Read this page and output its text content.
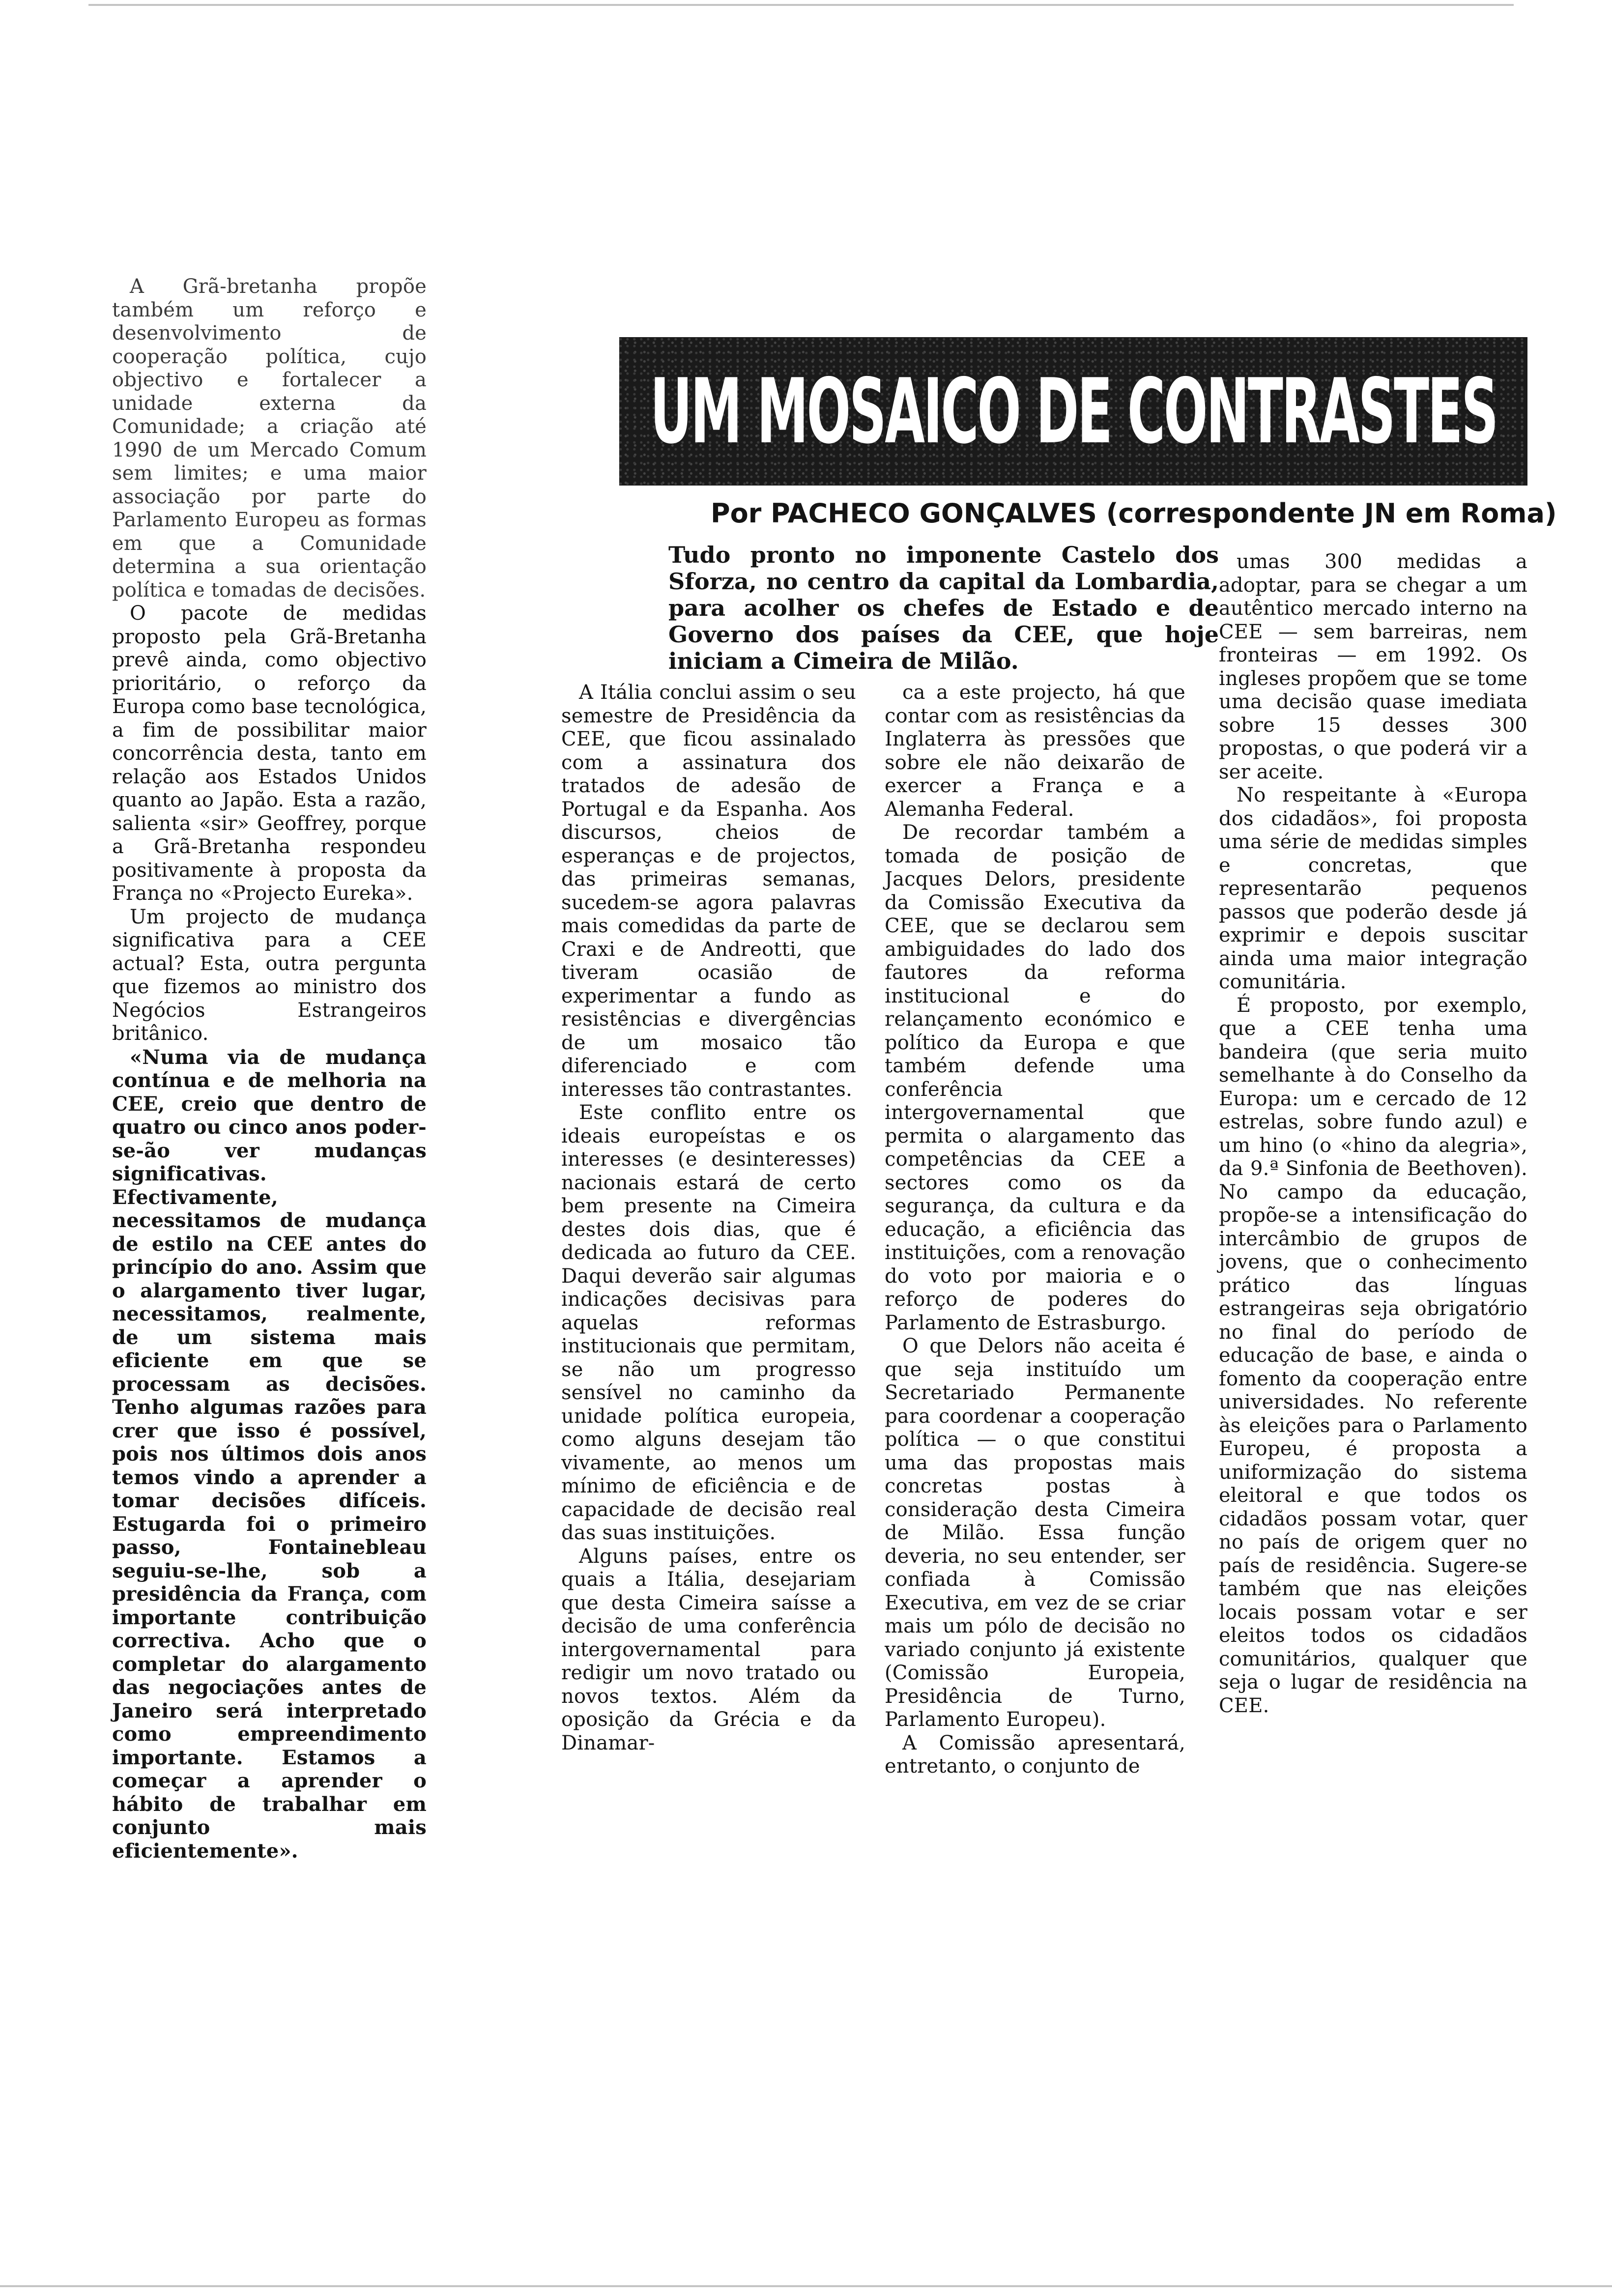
A Grã-bretanha propõe também um reforço e desenvolvimento de cooperação política, cujo objectivo e fortalecer a unidade externa da Comunidade; a criação até 1990 de um Mercado Comum sem limites; e uma maior associação por parte do Parlamento Europeu as formas em que a Comunidade determina a sua orientação política e tomadas de decisões.

O pacote de medidas proposto pela Grã-Bretanha prevê ainda, como objectivo prioritário, o reforço da Europa como base tecnológica, a fim de possibilitar maior concorrência desta, tanto em relação aos Estados Unidos quanto ao Japão. Esta a razão, salienta «sir» Geoffrey, porque a Grã-Bretanha respondeu positivamente à proposta da França no «Projecto Eureka».

Um projecto de mudança significativa para a CEE actual? Esta, outra pergunta que fizemos ao ministro dos Negócios Estrangeiros britânico.

«Numa via de mudança contínua e de melhoria na CEE, creio que dentro de quatro ou cinco anos poder-se-ão ver mudanças significativas. Efectivamente, necessitamos de mudança de estilo na CEE antes do princípio do ano. Assim que o alargamento tiver lugar, necessitamos, realmente, de um sistema mais eficiente em que se processam as decisões. Tenho algumas razões para crer que isso é possível, pois nos últimos dois anos temos vindo a aprender a tomar decisões difíceis. Estugarda foi o primeiro passo, Fontainebleau seguiu-se-lhe, sob a presidência da França, com importante contribuição correctiva. Acho que o completar do alargamento das negociações antes de Janeiro será interpretado como empreendimento importante. Estamos a começar a aprender o hábito de trabalhar em conjunto mais eficientemente».

UM MOSAICO DE CONTRASTES
Por PACHECO GONÇALVES (correspondente JN em Roma)
Tudo pronto no imponente Castelo dos Sforza, no centro da capital da Lombardia, para acolher os chefes de Estado e de Governo dos países da CEE, que hoje iniciam a Cimeira de Milão.

A Itália conclui assim o seu semestre de Presidência da CEE, que ficou assinalado com a assinatura dos tratados de adesão de Portugal e da Espanha. Aos discursos, cheios de esperanças e de projectos, das primeiras semanas, sucedem-se agora palavras mais comedidas da parte de Craxi e de Andreotti, que tiveram ocasião de experimentar a fundo as resistências e divergências de um mosaico tão diferenciado e com interesses tão contrastantes.

Este conflito entre os ideais europeístas e os interesses (e desinteresses) nacionais estará de certo bem presente na Cimeira destes dois dias, que é dedicada ao futuro da CEE. Daqui deverão sair algumas indicações decisivas para aquelas reformas institucionais que permitam, se não um progresso sensível no caminho da unidade política europeia, como alguns desejam tão vivamente, ao menos um mínimo de eficiência e de capacidade de decisão real das suas instituições.

Alguns países, entre os quais a Itália, desejariam que desta Cimeira saísse a decisão de uma conferência intergovernamental para redigir um novo tratado ou novos textos. Além da oposição da Grécia e da Dinamar-

ca a este projecto, há que contar com as resistências da Inglaterra às pressões que sobre ele não deixarão de exercer a França e a Alemanha Federal.

De recordar também a tomada de posição de Jacques Delors, presidente da Comissão Executiva da CEE, que se declarou sem ambiguidades do lado dos fautores da reforma institucional e do relançamento económico e político da Europa e que também defende uma conferência intergovernamental que permita o alargamento das competências da CEE a sectores como os da segurança, da cultura e da educação, a eficiência das instituições, com a renovação do voto por maioria e o reforço de poderes do Parlamento de Estrasburgo.

O que Delors não aceita é que seja instituído um Secretariado Permanente para coordenar a cooperação política — o que constitui uma das propostas mais concretas postas à consideração desta Cimeira de Milão. Essa função deveria, no seu entender, ser confiada à Comissão Executiva, em vez de se criar mais um pólo de decisão no variado conjunto já existente (Comissão Europeia, Presidência de Turno, Parlamento Europeu).

A Comissão apresentará, entretanto, o conjunto de

umas 300 medidas a adoptar, para se chegar a um autêntico mercado interno na CEE — sem barreiras, nem fronteiras — em 1992. Os ingleses propõem que se tome uma decisão quase imediata sobre 15 desses 300 propostas, o que poderá vir a ser aceite.

No respeitante à «Europa dos cidadãos», foi proposta uma série de medidas simples e concretas, que representarão pequenos passos que poderão desde já exprimir e depois suscitar ainda uma maior integração comunitária.

É proposto, por exemplo, que a CEE tenha uma bandeira (que seria muito semelhante à do Conselho da Europa: um e cercado de 12 estrelas, sobre fundo azul) e um hino (o «hino da alegria», da 9.ª Sinfonia de Beethoven). No campo da educação, propõe-se a intensificação do intercâmbio de grupos de jovens, que o conhecimento prático das línguas estrangeiras seja obrigatório no final do período de educação de base, e ainda o fomento da cooperação entre universidades. No referente às eleições para o Parlamento Europeu, é proposta a uniformização do sistema eleitoral e que todos os cidadãos possam votar, quer no país de origem quer no país de residência. Sugere-se também que nas eleições locais possam votar e ser eleitos todos os cidadãos comunitários, qualquer que seja o lugar de residência na CEE.
